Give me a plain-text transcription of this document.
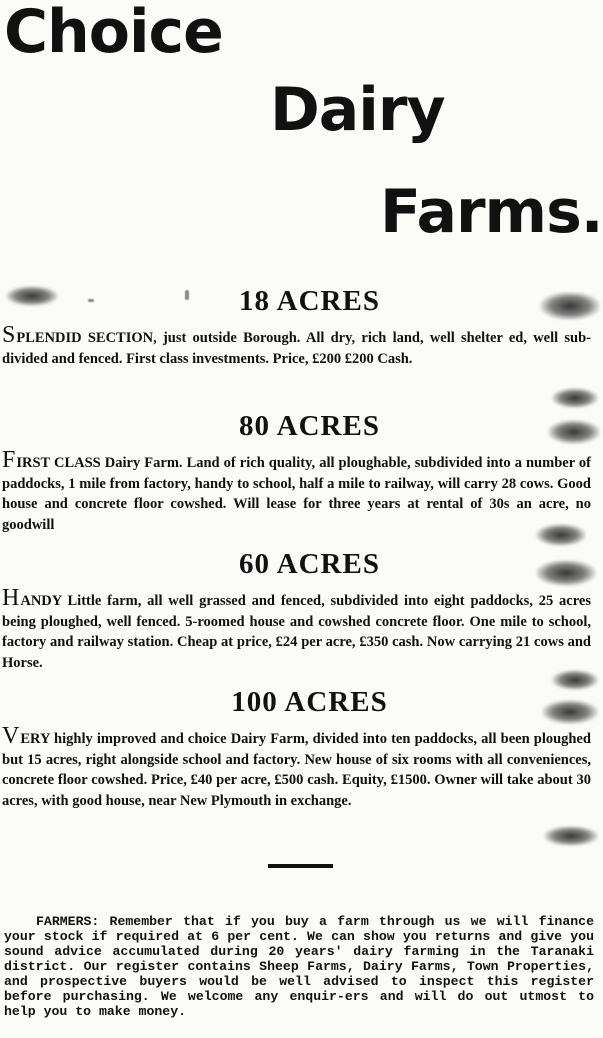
Choice
Dairy
Farms.
18 ACRES

SPLENDID SECTION, just outside Borough. All dry, rich land, well shelter ed, well sub-divided and fenced. First class investments. Price, £200 £200 Cash.

80 ACRES

FIRST CLASS Dairy Farm. Land of rich quality, all ploughable, subdivided into a number of paddocks, 1 mile from factory, handy to school, half a mile to railway, will carry 28 cows. Good house and concrete floor cowshed. Will lease for three years at rental of 30s an acre, no goodwill

60 ACRES

HANDY Little farm, all well grassed and fenced, subdivided into eight paddocks, 25 acres being ploughed, well fenced. 5-roomed house and cowshed concrete floor. One mile to school, factory and railway station. Cheap at price, £24 per acre, £350 cash. Now carrying 21 cows and Horse.

100 ACRES

VERY highly improved and choice Dairy Farm, divided into ten paddocks, all been ploughed but 15 acres, right alongside school and factory. New house of six rooms with all conveniences, concrete floor cowshed. Price, £40 per acre, £500 cash. Equity, £1500. Owner will take about 30 acres, with good house, near New Plymouth in exchange.

FARMERS: Remember that if you buy a farm through us we will finance your stock if required at 6 per cent. We can show you returns and give you sound advice accumulated during 20 years' dairy farming in the Taranaki district. Our register contains Sheep Farms, Dairy Farms, Town Properties, and prospective buyers would be well advised to inspect this register before purchasing. We welcome any enquir-ers and will do out utmost to help you to make money.
